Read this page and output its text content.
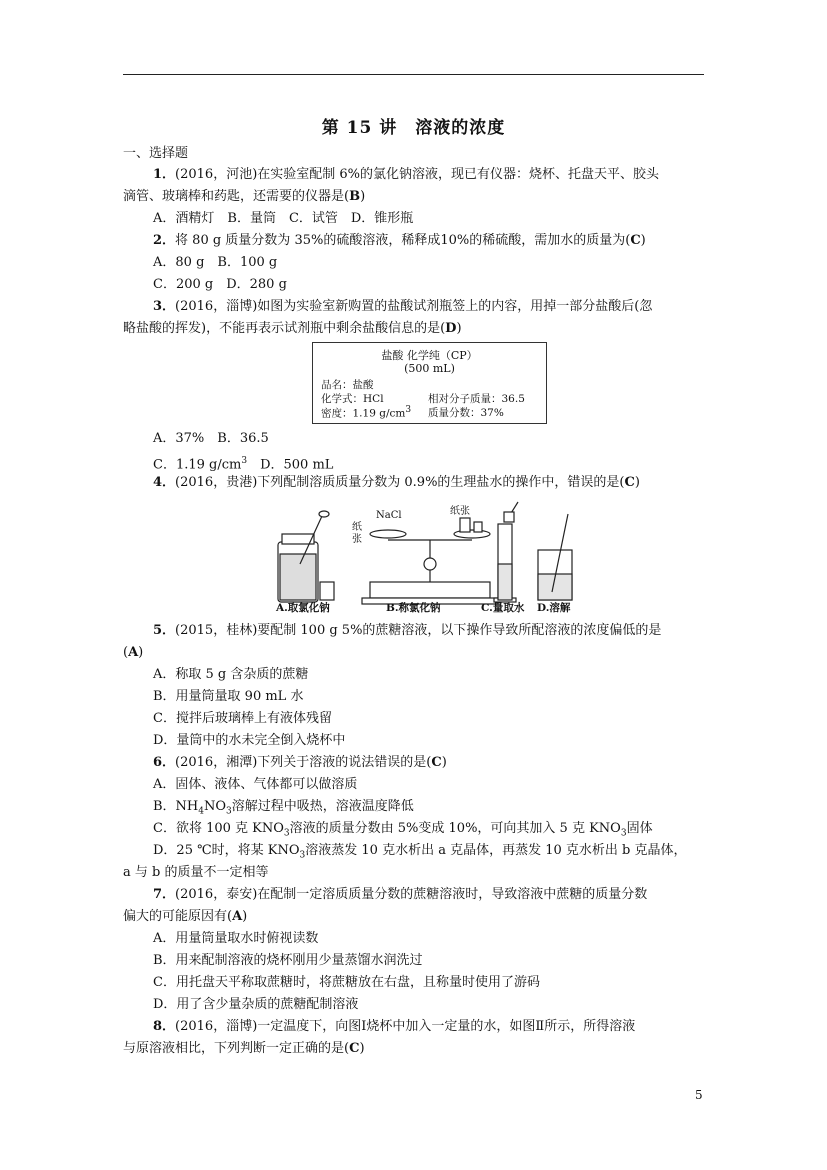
第 15 讲　溶液的浓度
一、选择题
1．(2016，河池)在实验室配制 6%的氯化钠溶液，现已有仪器：烧杯、托盘天平、胶头
滴管、玻璃棒和药匙，还需要的仪器是(B)
A．酒精灯　B．量筒　C．试管　D．锥形瓶
2．将 80 g 质量分数为 35%的硫酸溶液，稀释成10%的稀硫酸，需加水的质量为(C)
A．80 g　B．100 g
C．200 g　D．280 g
3．(2016，淄博)如图为实验室新购置的盐酸试剂瓶签上的内容，用掉一部分盐酸后(忽
略盐酸的挥发)，不能再表示试剂瓶中剩余盐酸信息的是(D)
盐酸 化学纯（CP）
(500 mL)
品名：盐酸
化学式：HCl	相对分子质量：36.5
密度：1.19 $g/cm^3$ 质量分数：37%
A．37%　B．36.5
C．1.19 $g/cm^3$　D．500 mL
4．(2016，贵港)下列配制溶质质量分数为 0.9%的生理盐水的操作中，错误的是(C)
NaCl
纸
张
纸张
A.取氯化钠	B.称氯化钠	C.量取水 D.溶解
5．(2015，桂林)要配制 100 g 5%的蔗糖溶液，以下操作导致所配溶液的浓度偏低的是
(A)
A．称取 5 g 含杂质的蔗糖
B．用量筒量取 90 mL 水
C．搅拌后玻璃棒上有液体残留
D．量筒中的水未完全倒入烧杯中
6．(2016，湘潭)下列关于溶液的说法错误的是(C)
A．固体、液体、气体都可以做溶质
B．$NH_4NO_3$溶解过程中吸热，溶液温度降低
C．欲将 100 克 $KNO_3$溶液的质量分数由 5%变成 10%，可向其加入 5 克 $KNO_3$固体
D．25 ℃时，将某 $KNO_3$溶液蒸发 10 克水析出 a 克晶体，再蒸发 10 克水析出 b 克晶体，
a 与 b 的质量不一定相等
7．(2016，泰安)在配制一定溶质质量分数的蔗糖溶液时，导致溶液中蔗糖的质量分数
偏大的可能原因有(A)
A．用量筒量取水时俯视读数
B．用来配制溶液的烧杯刚用少量蒸馏水润洗过
C．用托盘天平称取蔗糖时，将蔗糖放在右盘，且称量时使用了游码
D．用了含少量杂质的蔗糖配制溶液
8．(2016，淄博)一定温度下，向图Ⅰ烧杯中加入一定量的水，如图Ⅱ所示，所得溶液
与原溶液相比，下列判断一定正确的是(C)
5
